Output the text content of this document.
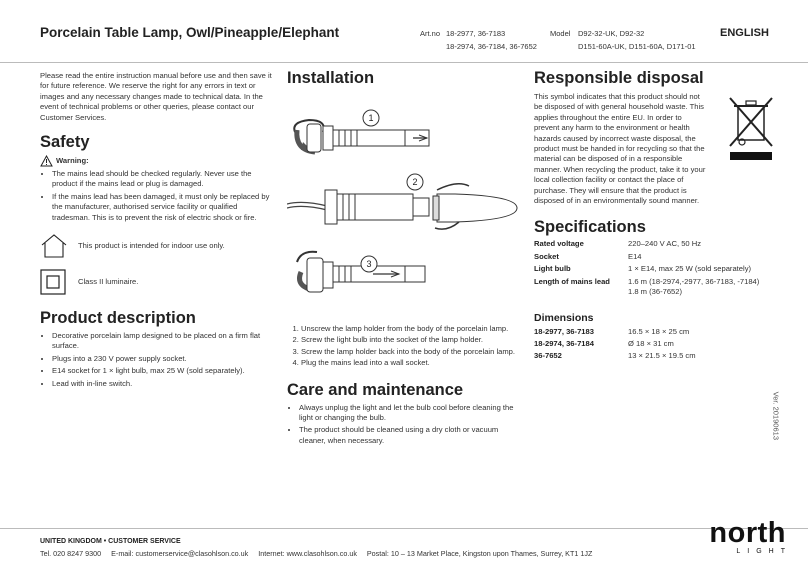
Porcelain Table Lamp, Owl/Pineapple/Elephant	Art.no 18-2977, 36-7183
18-2974, 36-7184, 36-7652
Model D92-32-UK, D92-32
D151-60A-UK, D151-60A, D171-01
ENGLISH
Please read the entire instruction manual before use and then save it for future reference. We reserve the right for any errors in text or images and any necessary changes made to technical data. In the event of technical problems or other queries, please contact our Customer Services.
Safety
Warning:
• The mains lead should be checked regularly. Never use the product if the mains lead or plug is damaged.
• If the mains lead has been damaged, it must only be replaced by the manufacturer, authorised service facility or qualified tradesman. This is to prevent the risk of electric shock or fire.
This product is intended for indoor use only.
Class II luminaire.
Product description
• Decorative porcelain lamp designed to be placed on a firm flat surface.
• Plugs into a 230 V power supply socket.
• E14 socket for 1 × light bulb, max 25 W (sold separately).
• Lead with in-line switch.
Installation
1
2
3
1. Unscrew the lamp holder from the body of the porcelain lamp.
2. Screw the light bulb into the socket of the lamp holder.
3. Screw the lamp holder back into the body of the porcelain lamp.
4. Plug the mains lead into a wall socket.
Care and maintenance
• Always unplug the light and let the bulb cool before cleaning the light or changing the bulb.
• The product should be cleaned using a dry cloth or vacuum cleaner, when necessary.
Responsible disposal
This symbol indicates that this product should not be disposed of with general household waste. This applies throughout the entire EU. In order to prevent any harm to the environment or health hazards caused by incorrect waste disposal, the product must be handed in for recycling so that the material can be disposed of in a responsible manner. When recycling the product, take it to your local collection facility or contact the place of purchase. They will ensure that the product is disposed of in an environmentally sound manner.
Specifications
Rated voltage	220–240 V AC, 50 Hz
Socket	E14
Light bulb	1 × E14, max 25 W (sold separately)
Length of mains lead	1.6 m (18-2974,-2977, 36-7183, -7184)
1.8 m (36-7652)
Dimensions
18-2977, 36-7183	16.5 × 18 × 25 cm
18-2974, 36-7184	Ø 18 × 31 cm
36-7652	13 × 21.5 × 19.5 cm
Ver. 20190613
UNITED KINGDOM • CUSTOMER SERVICE
Tel. 020 8247 9300     E-mail: customerservice@clasohlson.co.uk     Internet: www.clasohlson.co.uk     Postal: 10 – 13 Market Place, Kingston upon Thames, Surrey, KT1 1JZ
north
LIGHT
